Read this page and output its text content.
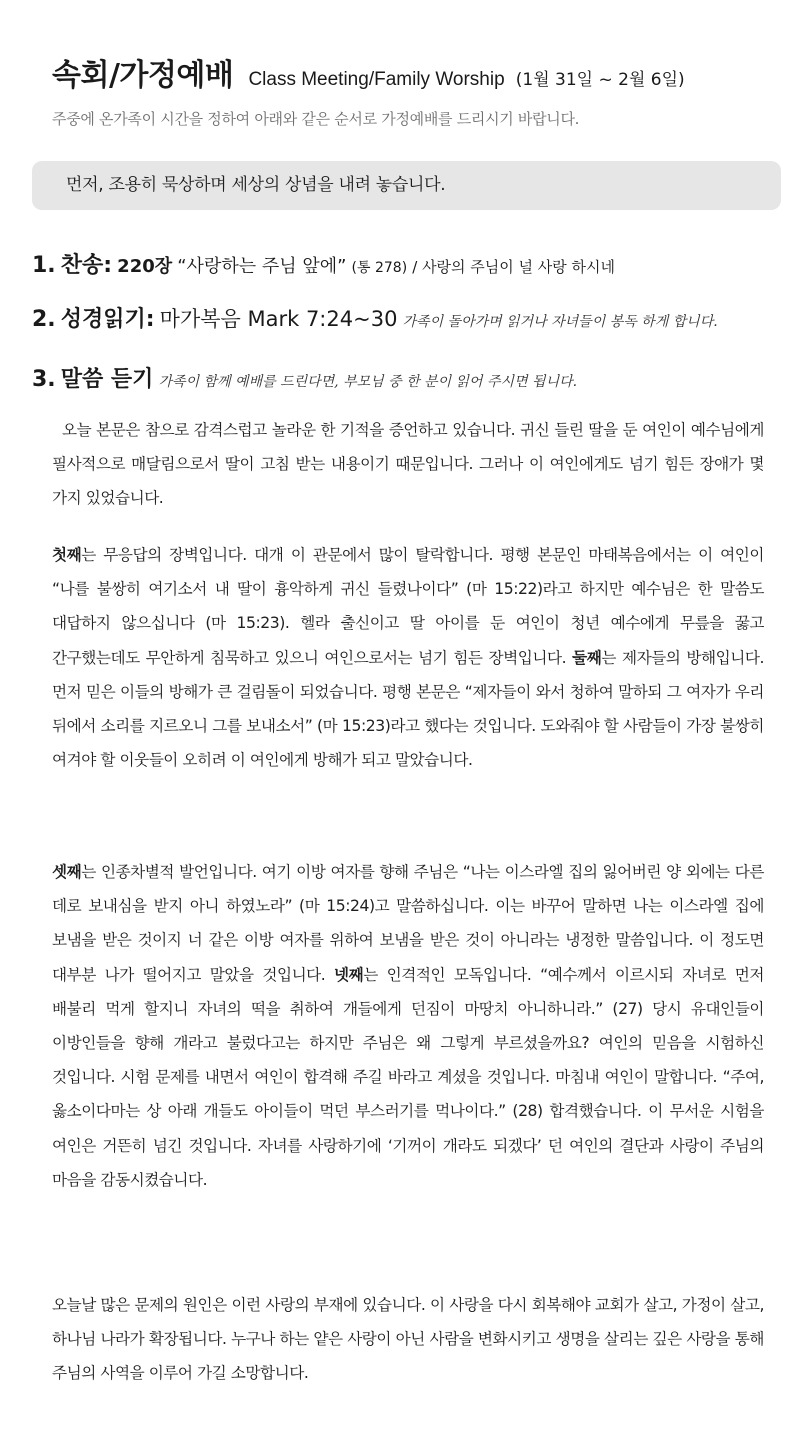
속회/가정예배 Class Meeting/Family Worship (1월 31일 ~ 2월 6일)
주중에 온가족이 시간을 정하여 아래와 같은 순서로 가정예배를 드리시기 바랍니다.
먼저, 조용히 묵상하며 세상의 상념을 내려 놓습니다.
1. 찬송: 220장 “사랑하는 주님 앞에” (통 278) / 사랑의 주님이 널 사랑 하시네
2. 성경읽기: 마가복음 Mark 7:24~30 가족이 돌아가며 읽거나 자녀들이 봉독 하게 합니다.
3. 말씀 듣기 가족이 함께 예배를 드린다면, 부모님 중 한 분이 읽어 주시면 됩니다.
오늘 본문은 참으로 감격스럽고 놀라운 한 기적을 증언하고 있습니다. 귀신 들린 딸을 둔 여인이 예수님에게 필사적으로 매달림으로서 딸이 고침 받는 내용이기 때문입니다. 그러나 이 여인에게도 넘기 힘든 장애가 몇 가지 있었습니다.
첫째는 무응답의 장벽입니다. 대개 이 관문에서 많이 탈락합니다. 평행 본문인 마태복음에서는 이 여인이 “나를 불쌍히 여기소서 내 딸이 흉악하게 귀신 들렸나이다” (마 15:22)라고 하지만 예수님은 한 말씀도 대답하지 않으십니다 (마 15:23). 헬라 출신이고 딸 아이를 둔 여인이 청년 예수에게 무릎을 꿇고 간구했는데도 무안하게 침묵하고 있으니 여인으로서는 넘기 힘든 장벽입니다. 둘째는 제자들의 방해입니다. 먼저 믿은 이들의 방해가 큰 걸림돌이 되었습니다. 평행 본문은 “제자들이 와서 청하여 말하되 그 여자가 우리 뒤에서 소리를 지르오니 그를 보내소서” (마 15:23)라고 했다는 것입니다. 도와줘야 할 사람들이 가장 불쌍히 여겨야 할 이웃들이 오히려 이 여인에게 방해가 되고 말았습니다.
셋째는 인종차별적 발언입니다. 여기 이방 여자를 향해 주님은 “나는 이스라엘 집의 잃어버린 양 외에는 다른 데로 보내심을 받지 아니 하였노라” (마 15:24)고 말씀하십니다. 이는 바꾸어 말하면 나는 이스라엘 집에 보냄을 받은 것이지 너 같은 이방 여자를 위하여 보냄을 받은 것이 아니라는 냉정한 말씀입니다. 이 정도면 대부분 나가 떨어지고 말았을 것입니다. 넷째는 인격적인 모독입니다. “예수께서 이르시되 자녀로 먼저 배불리 먹게 할지니 자녀의 떡을 취하여 개들에게 던짐이 마땅치 아니하니라.” (27) 당시 유대인들이 이방인들을 향해 개라고 불렀다고는 하지만 주님은 왜 그렇게 부르셨을까요? 여인의 믿음을 시험하신 것입니다. 시험 문제를 내면서 여인이 합격해 주길 바라고 계셨을 것입니다. 마침내 여인이 말합니다. “주여, 옳소이다마는 상 아래 개들도 아이들이 먹던 부스러기를 먹나이다.” (28) 합격했습니다. 이 무서운 시험을 여인은 거뜬히 넘긴 것입니다. 자녀를 사랑하기에 ‘기꺼이 개라도 되겠다’ 던 여인의 결단과 사랑이 주님의 마음을 감동시켰습니다.
오늘날 많은 문제의 원인은 이런 사랑의 부재에 있습니다. 이 사랑을 다시 회복해야 교회가 살고, 가정이 살고, 하나님 나라가 확장됩니다. 누구나 하는 얕은 사랑이 아닌 사람을 변화시키고 생명을 살리는 깊은 사랑을 통해 주님의 사역을 이루어 가길 소망합니다.
